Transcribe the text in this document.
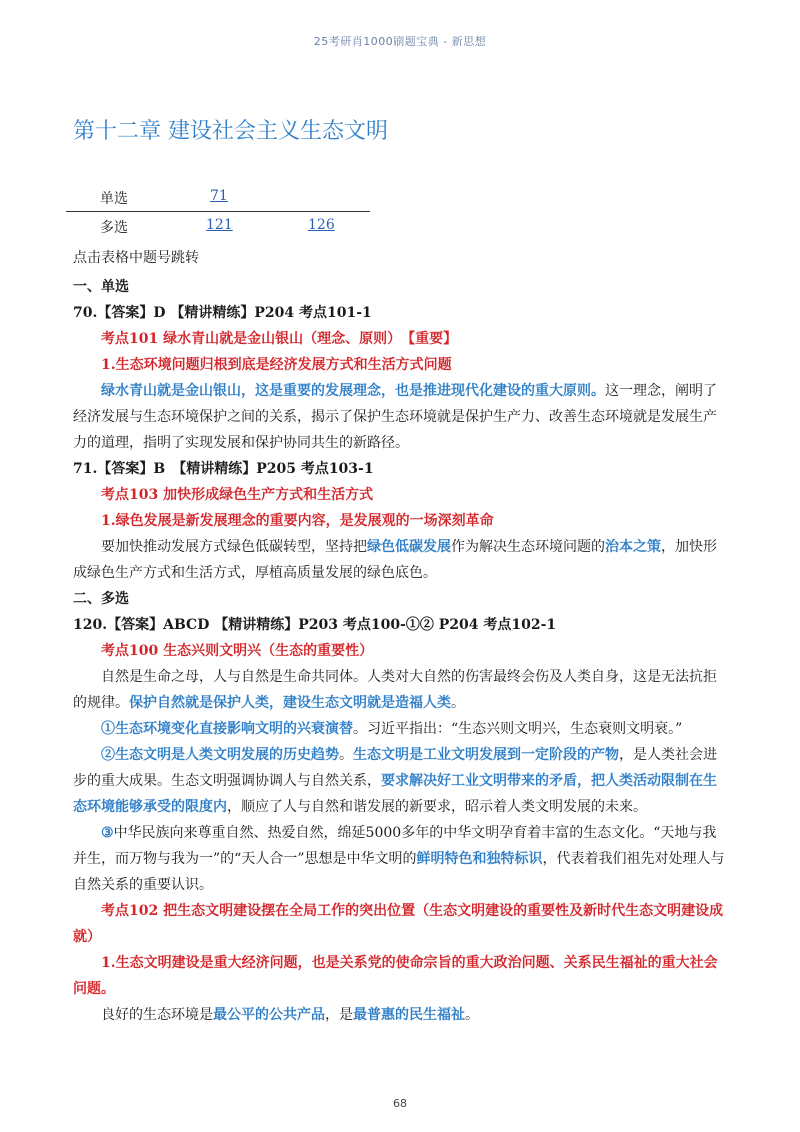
25考研肖1000刷题宝典 - 新思想
第十二章 建设社会主义生态文明
单选	71
多选	121	126
点击表格中题号跳转
一、单选
70.【答案】D 【精讲精练】P204 考点101-1
考点101 绿水青山就是金山银山（理念、原则）　【重要】
1.生态环境问题归根到底是经济发展方式和生活方式问题
绿水青山就是金山银山，这是重要的发展理念，也是推进现代化建设的重大原则。这一理念，阐明了
经济发展与生态环境保护之间的关系，揭示了保护生态环境就是保护生产力、改善生态环境就是发展生产
力的道理，指明了实现发展和保护协同共生的新路径。
71.【答案】B　【精讲精练】P205 考点103-1
考点103 加快形成绿色生产方式和生活方式
1.绿色发展是新发展理念的重要内容，是发展观的一场深刻革命
要加快推动发展方式绿色低碳转型，坚持把绿色低碳发展作为解决生态环境问题的治本之策，加快形
成绿色生产方式和生活方式，厚植高质量发展的绿色底色。
二、多选
120.【答案】ABCD 【精讲精练】P203 考点100-①② P204 考点102-1
考点100 生态兴则文明兴（生态的重要性）
自然是生命之母，人与自然是生命共同体。人类对大自然的伤害最终会伤及人类自身，这是无法抗拒
的规律。保护自然就是保护人类，建设生态文明就是造福人类。
①生态环境变化直接影响文明的兴衰演替。习近平指出：“生态兴则文明兴，生态衰则文明衰。”
②生态文明是人类文明发展的历史趋势。生态文明是工业文明发展到一定阶段的产物，是人类社会进
步的重大成果。生态文明强调协调人与自然关系，要求解决好工业文明带来的矛盾，把人类活动限制在生
态环境能够承受的限度内，顺应了人与自然和谐发展的新要求，昭示着人类文明发展的未来。
③中华民族向来尊重自然、热爱自然，绵延5000多年的中华文明孕育着丰富的生态文化。“天地与我
并生，而万物与我为一”的“天人合一”思想是中华文明的鲜明特色和独特标识，代表着我们祖先对处理人与
自然关系的重要认识。
考点102 把生态文明建设摆在全局工作的突出位置（生态文明建设的重要性及新时代生态文明建设成
就）
1.生态文明建设是重大经济问题，也是关系党的使命宗旨的重大政治问题、关系民生福祉的重大社会
问题。
良好的生态环境是最公平的公共产品，是最普惠的民生福祉。
68
